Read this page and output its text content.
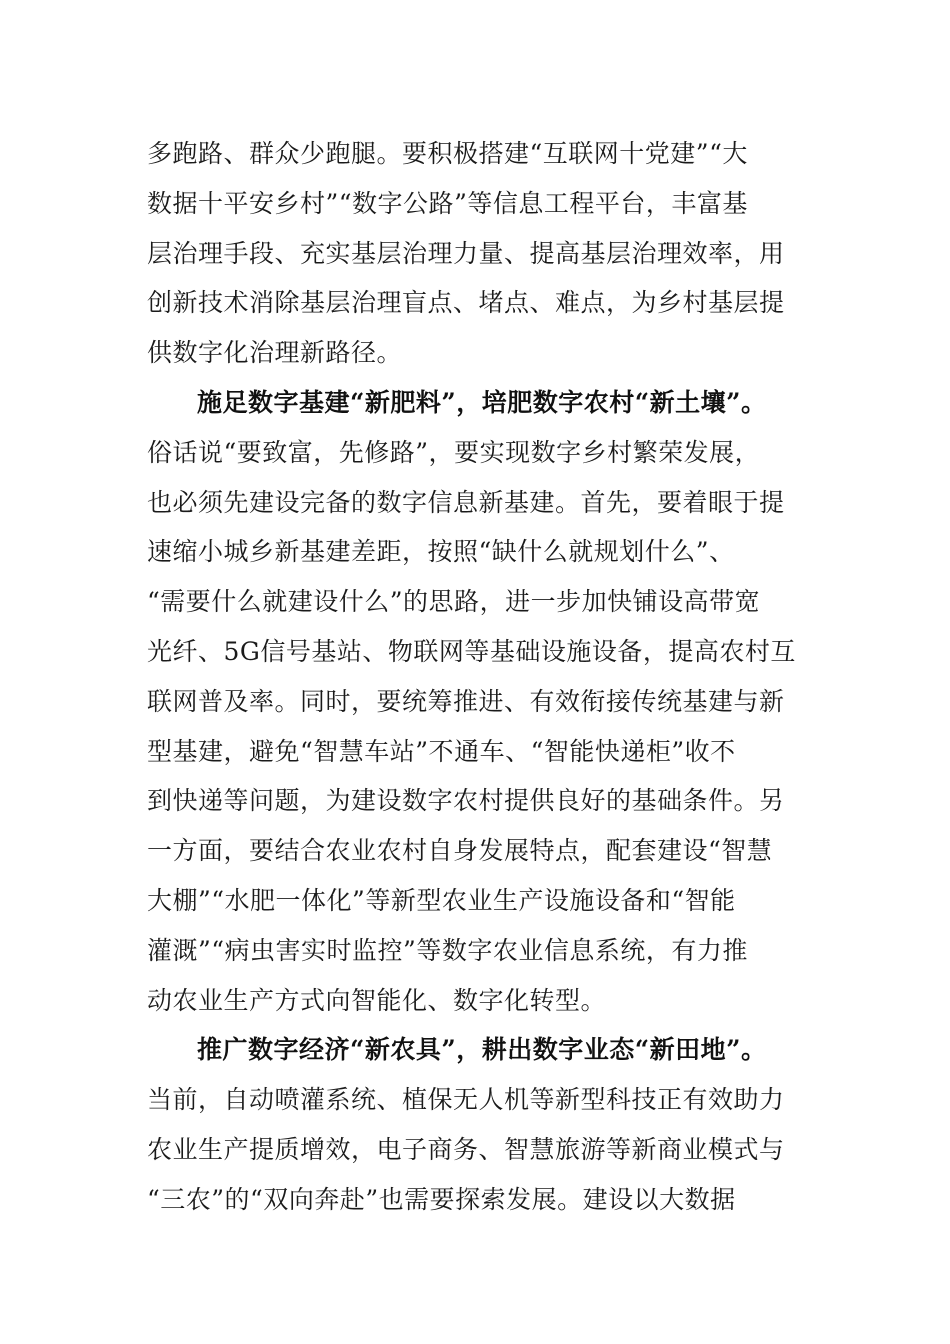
多跑路、群众少跑腿。要积极搭建“互联网十党建”“大
数据十平安乡村”“数字公路”等信息工程平台，丰富基
层治理手段、充实基层治理力量、提高基层治理效率，用
创新技术消除基层治理盲点、堵点、难点，为乡村基层提
供数字化治理新路径。
施足数字基建“新肥料”，培肥数字农村“新土壤”。
俗话说“要致富，先修路”，要实现数字乡村繁荣发展，
也必须先建设完备的数字信息新基建。首先，要着眼于提
速缩小城乡新基建差距，按照“缺什么就规划什么”、
“需要什么就建设什么”的思路，进一步加快铺设高带宽
光纤、5G信号基站、物联网等基础设施设备，提高农村互
联网普及率。同时，要统筹推进、有效衔接传统基建与新
型基建，避免“智慧车站”不通车、“智能快递柜”收不
到快递等问题，为建设数字农村提供良好的基础条件。另
一方面，要结合农业农村自身发展特点，配套建设“智慧
大棚”“水肥一体化”等新型农业生产设施设备和“智能
灌溉”“病虫害实时监控”等数字农业信息系统，有力推
动农业生产方式向智能化、数字化转型。
推广数字经济“新农具”，耕出数字业态“新田地”。
当前，自动喷灌系统、植保无人机等新型科技正有效助力
农业生产提质增效，电子商务、智慧旅游等新商业模式与
“三农”的“双向奔赴”也需要探索发展。建设以大数据
